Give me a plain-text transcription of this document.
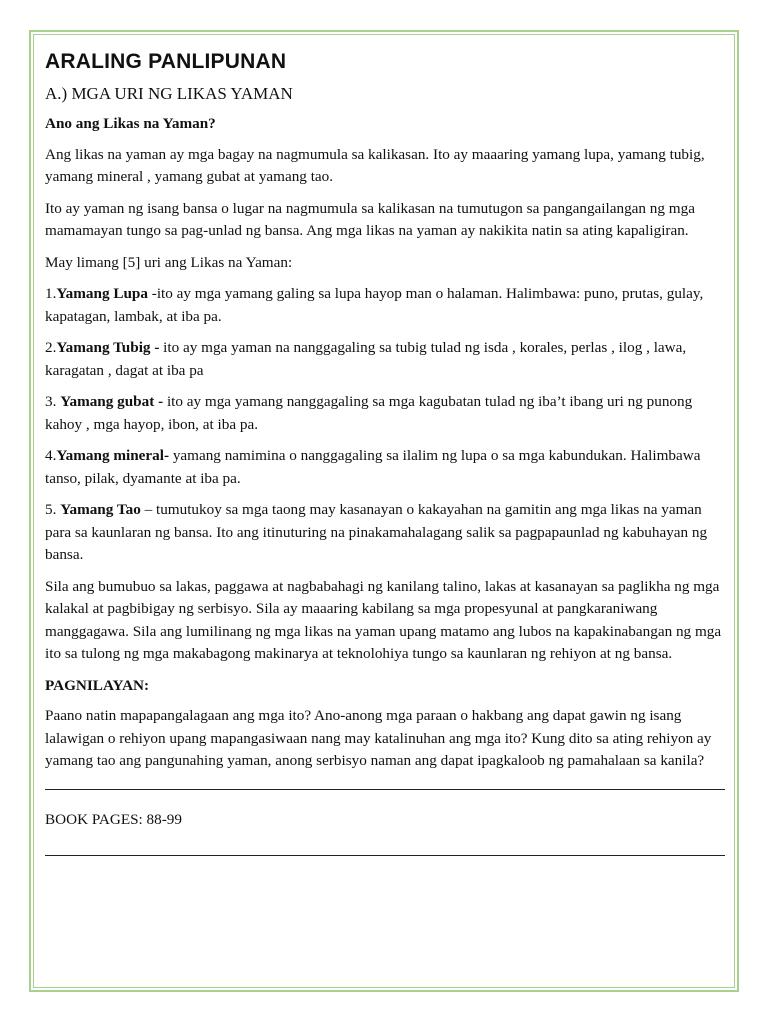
ARALING PANLIPUNAN
A.) MGA URI NG LIKAS YAMAN
Ano ang Likas na Yaman?

Ang likas na yaman ay mga bagay na nagmumula sa kalikasan. Ito ay maaaring yamang lupa, yamang tubig, yamang mineral , yamang gubat at yamang tao.

Ito ay yaman ng isang bansa o lugar na nagmumula sa kalikasan na tumutugon sa pangangailangan ng mga mamamayan tungo sa pag-unlad ng bansa. Ang mga likas na yaman ay nakikita natin sa ating kapaligiran.

May limang [5] uri ang Likas na Yaman:

1.Yamang Lupa -ito ay mga yamang galing sa lupa hayop man o halaman. Halimbawa: puno, prutas, gulay, kapatagan, lambak, at iba pa.

2.Yamang Tubig - ito ay mga yaman na nanggagaling sa tubig tulad ng isda , korales, perlas , ilog , lawa, karagatan , dagat at iba pa

3. Yamang gubat - ito ay mga yamang nanggagaling sa mga kagubatan tulad ng iba’t ibang uri ng punong kahoy , mga hayop, ibon, at iba pa.

4.Yamang mineral- yamang namimina o nanggagaling sa ilalim ng lupa o sa mga kabundukan. Halimbawa tanso, pilak, dyamante at iba pa.

5. Yamang Tao – tumutukoy sa mga taong may kasanayan o kakayahan na gamitin ang mga likas na yaman para sa kaunlaran ng bansa. Ito ang itinuturing na pinakamahalagang salik sa pagpapaunlad ng kabuhayan ng bansa.

Sila ang bumubuo sa lakas, paggawa at nagbabahagi ng kanilang talino, lakas at kasanayan sa paglikha ng mga kalakal at pagbibigay ng serbisyo. Sila ay maaaring kabilang sa mga propesyunal at pangkaraniwang manggagawa. Sila ang lumilinang ng mga likas na yaman upang matamo ang lubos na kapakinabangan ng mga ito sa tulong ng mga makabagong makinarya at teknolohiya tungo sa kaunlaran ng rehiyon at ng bansa.

PAGNILAYAN:

Paano natin mapapangalagaan ang mga ito? Ano-anong mga paraan o hakbang ang dapat gawin ng isang lalawigan o rehiyon upang mapangasiwaan nang may katalinuhan ang mga ito? Kung dito sa ating rehiyon ay yamang tao ang pangunahing yaman, anong serbisyo naman ang dapat ipagkaloob ng pamahalaan sa kanila?

BOOK PAGES: 88-99
